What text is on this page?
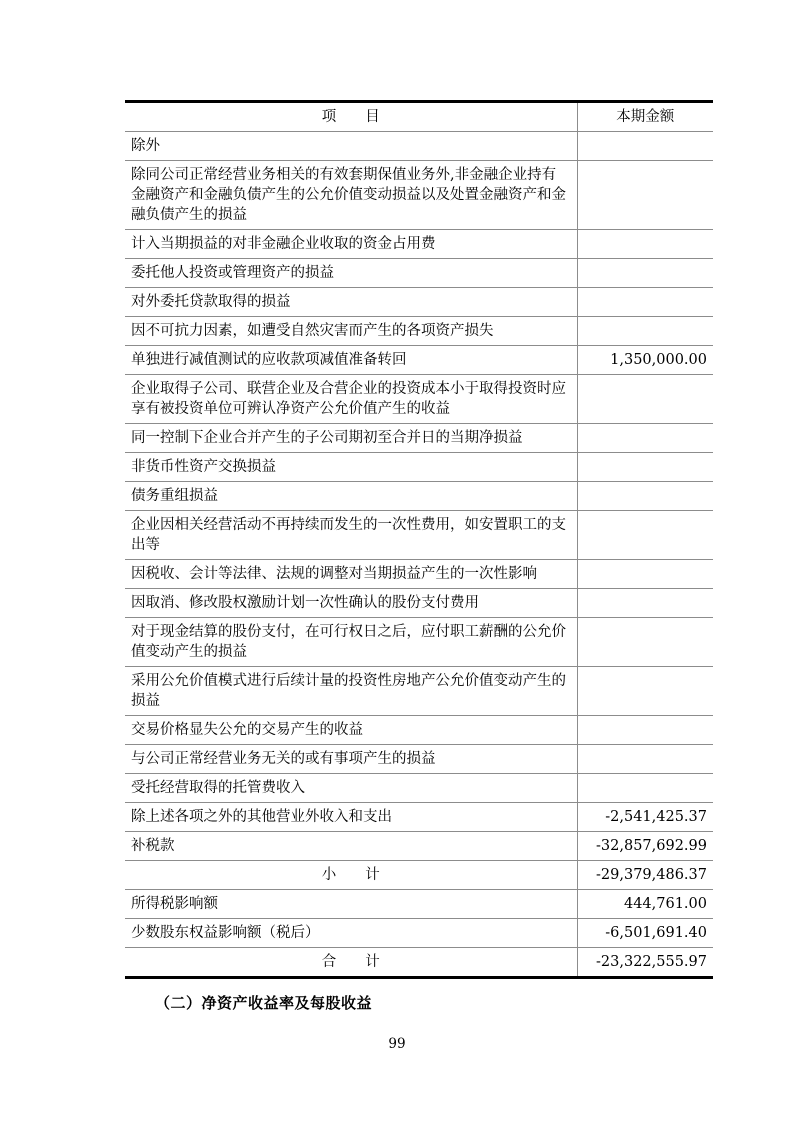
项　　目	本期金额
除外	
除同公司正常经营业务相关的有效套期保值业务外,非金融企业持有金融资产和金融负债产生的公允价值变动损益以及处置金融资产和金融负债产生的损益	
计入当期损益的对非金融企业收取的资金占用费	
委托他人投资或管理资产的损益	
对外委托贷款取得的损益	
因不可抗力因素，如遭受自然灾害而产生的各项资产损失	
单独进行减值测试的应收款项减值准备转回	1,350,000.00
企业取得子公司、联营企业及合营企业的投资成本小于取得投资时应享有被投资单位可辨认净资产公允价值产生的收益	
同一控制下企业合并产生的子公司期初至合并日的当期净损益	
非货币性资产交换损益	
债务重组损益	
企业因相关经营活动不再持续而发生的一次性费用，如安置职工的支出等	
因税收、会计等法律、法规的调整对当期损益产生的一次性影响	
因取消、修改股权激励计划一次性确认的股份支付费用	
对于现金结算的股份支付，在可行权日之后，应付职工薪酬的公允价值变动产生的损益	
采用公允价值模式进行后续计量的投资性房地产公允价值变动产生的损益	
交易价格显失公允的交易产生的收益	
与公司正常经营业务无关的或有事项产生的损益	
受托经营取得的托管费收入	
除上述各项之外的其他营业外收入和支出	-2,541,425.37
补税款	-32,857,692.99
小　　计	-29,379,486.37
所得税影响额	444,761.00
少数股东权益影响额（税后）	-6,501,691.40
合　　计	-23,322,555.97
（二）净资产收益率及每股收益
99
